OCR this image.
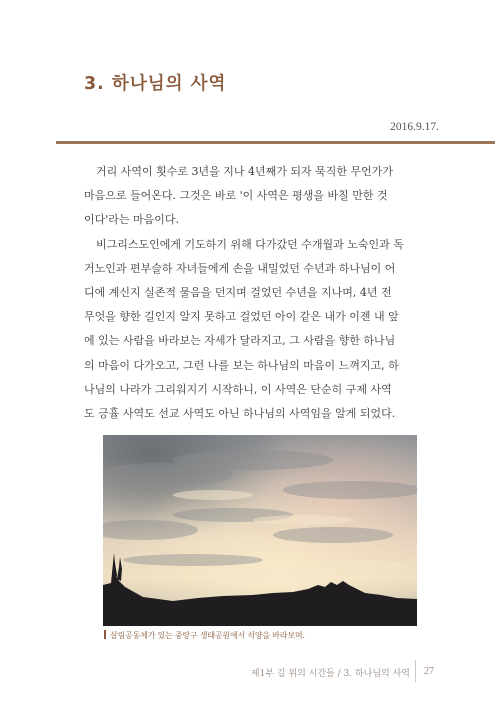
3. 하나님의 사역
2016.9.17.

거리 사역이 횟수로 3년을 지나 4년째가 되자 묵직한 무언가가
마음으로 들어온다. 그것은 바로 '이 사역은 평생을 바칠 만한 것
이다'라는 마음이다.

비그리스도인에게 기도하기 위해 다가갔던 수개월과 노숙인과 독
거노인과 편부슬하 자녀들에게 손을 내밀었던 수년과 하나님이 어
디에 계신지 실존적 물음을 던지며 걸었던 수년을 지나며, 4년 전
무엇을 향한 길인지 알지 못하고 걸었던 아이 같은 내가 이젠 내 앞
에 있는 사람을 바라보는 자세가 달라지고, 그 사람을 향한 하나님
의 마음이 다가오고, 그런 나를 보는 하나님의 마음이 느껴지고, 하
나님의 나라가 그리워지기 시작하니, 이 사역은 단순히 구제 사역
도 긍휼 사역도 선교 사역도 아닌 하나님의 사역임을 알게 되었다.

살림공동체가 있는 중랑구 생태공원에서 석양을 바라보며.
제1부 길 위의 시간들 / 3. 하나님의 사역 27
